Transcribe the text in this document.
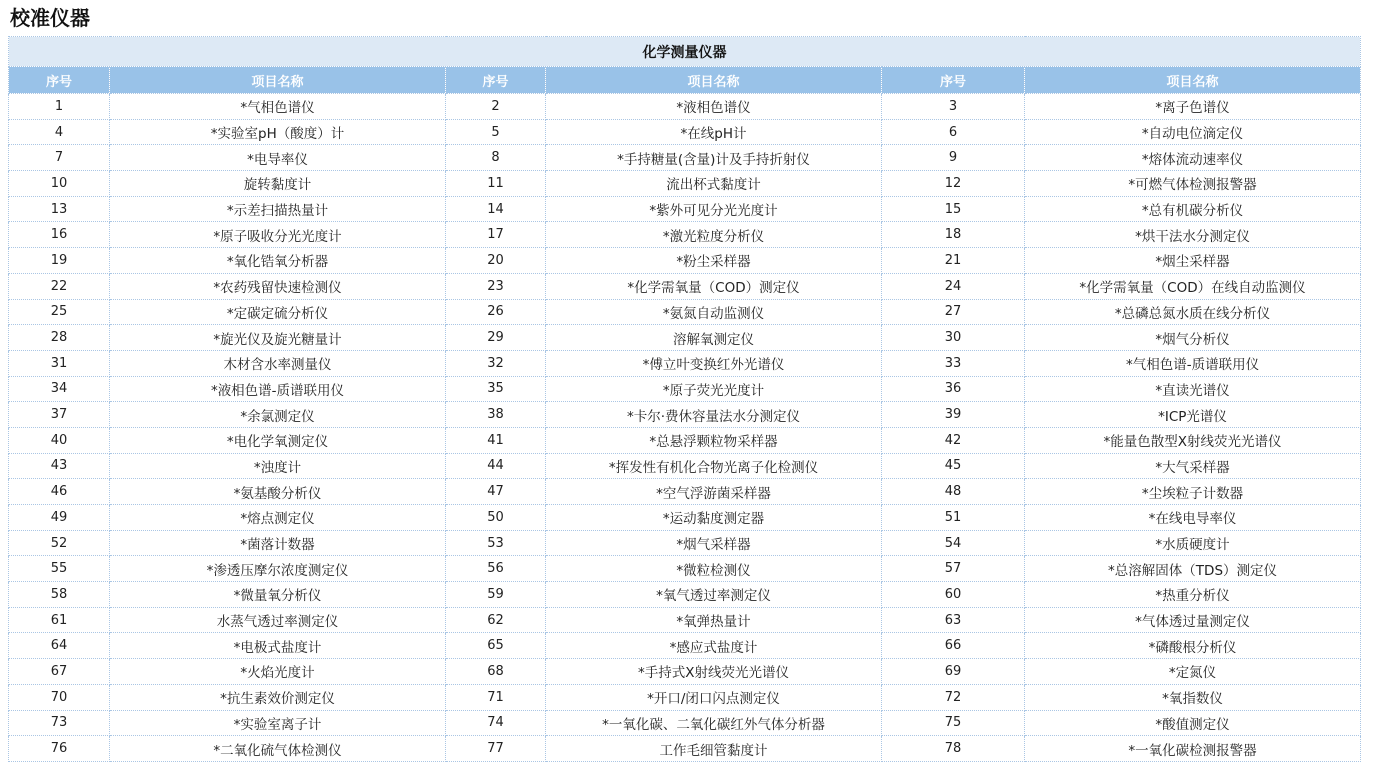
校准仪器
化学测量仪器					
序号	项目名称	序号	项目名称	序号	项目名称
1	*气相色谱仪	2	*液相色谱仪	3	*离子色谱仪
4	*实验室pH（酸度）计	5	*在线pH计	6	*自动电位滴定仪
7	*电导率仪	8	*手持糖量(含量)计及手持折射仪	9	*熔体流动速率仪
10	旋转黏度计	11	流出杯式黏度计	12	*可燃气体检测报警器
13	*示差扫描热量计	14	*紫外可见分光光度计	15	*总有机碳分析仪
16	*原子吸收分光光度计	17	*激光粒度分析仪	18	*烘干法水分测定仪
19	*氧化锆氧分析器	20	*粉尘采样器	21	*烟尘采样器
22	*农药残留快速检测仪	23	*化学需氧量（COD）测定仪	24	*化学需氧量（COD）在线自动监测仪
25	*定碳定硫分析仪	26	*氨氮自动监测仪	27	*总磷总氮水质在线分析仪
28	*旋光仪及旋光糖量计	29	溶解氧测定仪	30	*烟气分析仪
31	木材含水率测量仪	32	*傅立叶变换红外光谱仪	33	*气相色谱-质谱联用仪
34	*液相色谱-质谱联用仪	35	*原子荧光光度计	36	*直读光谱仪
37	*余氯测定仪	38	*卡尔·费休容量法水分测定仪	39	*ICP光谱仪
40	*电化学氧测定仪	41	*总悬浮颗粒物采样器	42	*能量色散型X射线荧光光谱仪
43	*浊度计	44	*挥发性有机化合物光离子化检测仪	45	*大气采样器
46	*氨基酸分析仪	47	*空气浮游菌采样器	48	*尘埃粒子计数器
49	*熔点测定仪	50	*运动黏度测定器	51	*在线电导率仪
52	*菌落计数器	53	*烟气采样器	54	*水质硬度计
55	*渗透压摩尔浓度测定仪	56	*微粒检测仪	57	*总溶解固体（TDS）测定仪
58	*微量氧分析仪	59	*氧气透过率测定仪	60	*热重分析仪
61	水蒸气透过率测定仪	62	*氧弹热量计	63	*气体透过量测定仪
64	*电极式盐度计	65	*感应式盐度计	66	*磷酸根分析仪
67	*火焰光度计	68	*手持式X射线荧光光谱仪	69	*定氮仪
70	*抗生素效价测定仪	71	*开口/闭口闪点测定仪	72	*氧指数仪
73	*实验室离子计	74	*一氧化碳、二氧化碳红外气体分析器	75	*酸值测定仪
76	*二氧化硫气体检测仪	77	工作毛细管黏度计	78	*一氧化碳检测报警器
